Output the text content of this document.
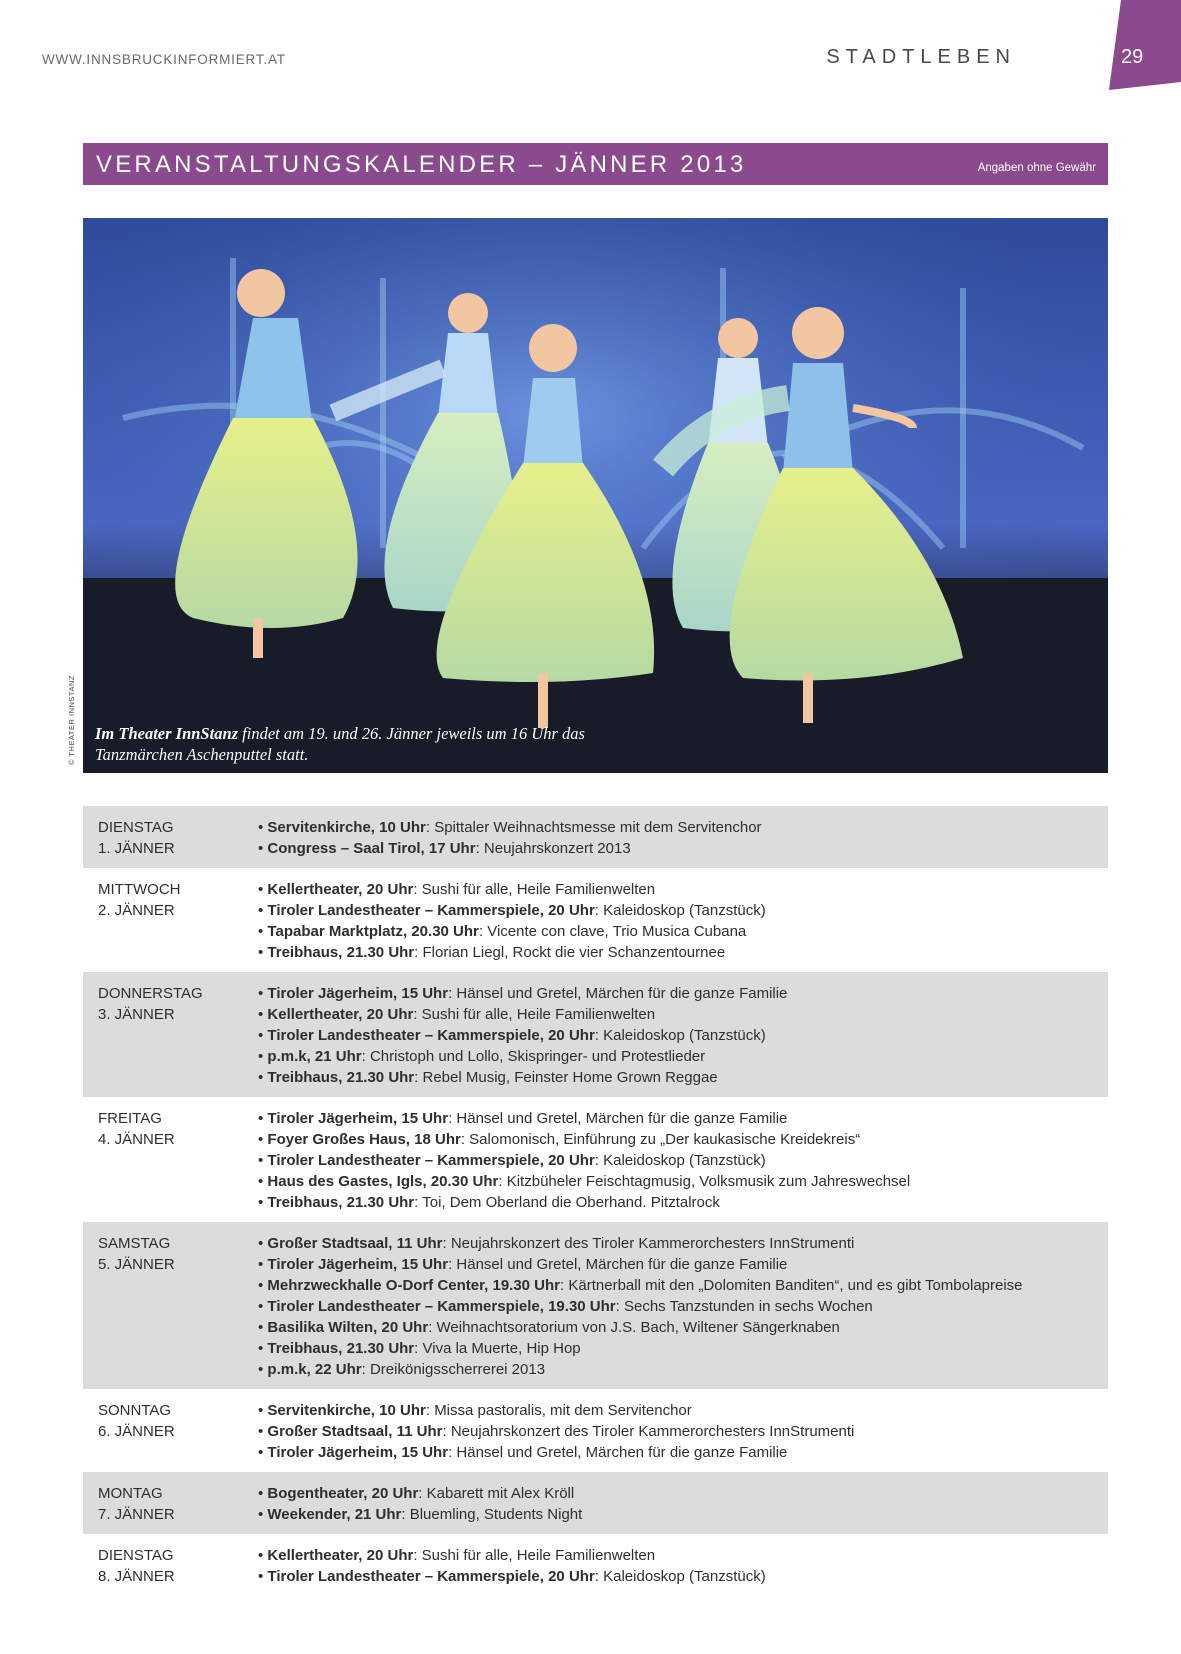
WWW.INNSBRUCKINFORMIERT.AT	STADTLEBEN	29
VERANSTALTUNGSKALENDER – JÄNNER 2013	Angaben ohne Gewähr
Im Theater InnStanz findet am 19. und 26. Jänner jeweils um 16 Uhr das Tanzmärchen Aschenputtel statt.
© THEATER INNSTANZ
DIENSTAG
1. JÄNNER
• Servitenkirche, 10 Uhr: Spittaler Weihnachtsmesse mit dem Servitenchor
• Congress – Saal Tirol, 17 Uhr: Neujahrskonzert 2013
MITTWOCH
2. JÄNNER
• Kellertheater, 20 Uhr: Sushi für alle, Heile Familienwelten
• Tiroler Landestheater – Kammerspiele, 20 Uhr: Kaleidoskop (Tanzstück)
• Tapabar Marktplatz, 20.30 Uhr: Vicente con clave, Trio Musica Cubana
• Treibhaus, 21.30 Uhr: Florian Liegl, Rockt die vier Schanzentournee
DONNERSTAG
3. JÄNNER
• Tiroler Jägerheim, 15 Uhr: Hänsel und Gretel, Märchen für die ganze Familie
• Kellertheater, 20 Uhr: Sushi für alle, Heile Familienwelten
• Tiroler Landestheater – Kammerspiele, 20 Uhr: Kaleidoskop (Tanzstück)
• p.m.k, 21 Uhr: Christoph und Lollo, Skispringer- und Protestlieder
• Treibhaus, 21.30 Uhr: Rebel Musig, Feinster Home Grown Reggae
FREITAG
4. JÄNNER
• Tiroler Jägerheim, 15 Uhr: Hänsel und Gretel, Märchen für die ganze Familie
• Foyer Großes Haus, 18 Uhr: Salomonisch, Einführung zu „Der kaukasische Kreidekreis“
• Tiroler Landestheater – Kammerspiele, 20 Uhr: Kaleidoskop (Tanzstück)
• Haus des Gastes, Igls, 20.30 Uhr: Kitzbüheler Feischtagmusig, Volksmusik zum Jahreswechsel
• Treibhaus, 21.30 Uhr: Toi, Dem Oberland die Oberhand. Pitztalrock
SAMSTAG
5. JÄNNER
• Großer Stadtsaal, 11 Uhr: Neujahrskonzert des Tiroler Kammerorchesters InnStrumenti
• Tiroler Jägerheim, 15 Uhr: Hänsel und Gretel, Märchen für die ganze Familie
• Mehrzweckhalle O-Dorf Center, 19.30 Uhr: Kärtnerball mit den „Dolomiten Banditen“, und es gibt Tombolapreise
• Tiroler Landestheater – Kammerspiele, 19.30 Uhr: Sechs Tanzstunden in sechs Wochen
• Basilika Wilten, 20 Uhr: Weihnachtsoratorium von J.S. Bach, Wiltener Sängerknaben
• Treibhaus, 21.30 Uhr: Viva la Muerte, Hip Hop
• p.m.k, 22 Uhr: Dreikönigsscherrerei 2013
SONNTAG
6. JÄNNER
• Servitenkirche, 10 Uhr: Missa pastoralis, mit dem Servitenchor
• Großer Stadtsaal, 11 Uhr: Neujahrskonzert des Tiroler Kammerorchesters InnStrumenti
• Tiroler Jägerheim, 15 Uhr: Hänsel und Gretel, Märchen für die ganze Familie
MONTAG
7. JÄNNER
• Bogentheater, 20 Uhr: Kabarett mit Alex Kröll
• Weekender, 21 Uhr: Bluemling, Students Night
DIENSTAG
8. JÄNNER
• Kellertheater, 20 Uhr: Sushi für alle, Heile Familienwelten
• Tiroler Landestheater – Kammerspiele, 20 Uhr: Kaleidoskop (Tanzstück)
